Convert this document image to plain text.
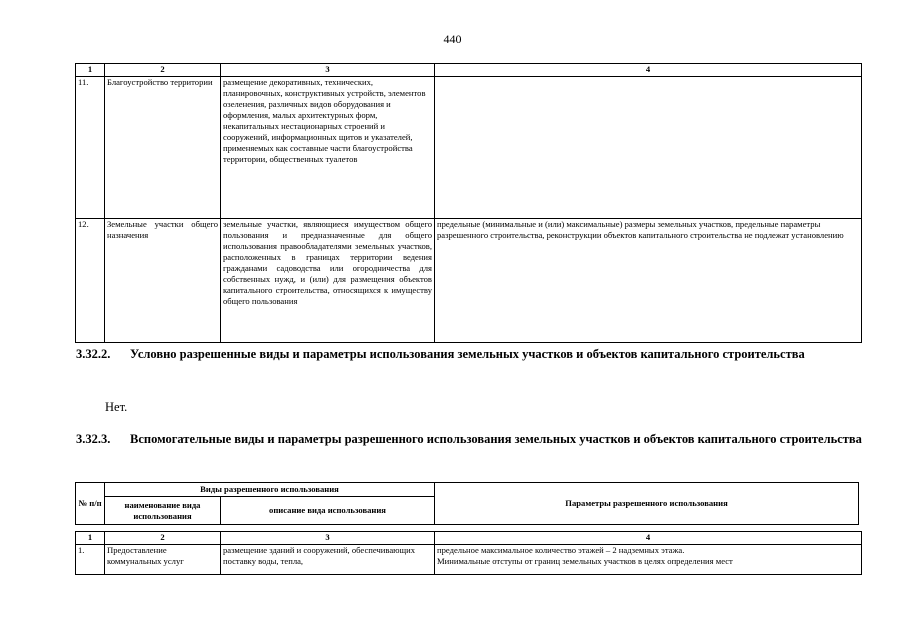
440
1	2	3	4
11.	Благоустройство территории	размещение декоративных, технических, планировочных, конструктивных устройств, элементов озеленения, различных видов оборудования и оформления, малых архитектурных форм, некапитальных нестационарных строений и сооружений, информационных щитов и указателей, применяемых как составные части благоустройства территории, общественных туалетов	
12.	Земельные участки общего назначения	земельные участки, являющиеся имуществом общего пользования и предназначенные для общего использования правообладателями земельных участков, расположенных в границах территории ведения гражданами садоводства или огородничества для собственных нужд, и (или) для размещения объектов капитального строительства, относящихся к имуществу общего пользования	предельные (минимальные и (или) максимальные) размеры земельных участков, предельные параметры разрешенного строительства, реконструкции объектов капитального строительства не подлежат установлению
3.32.2. Условно разрешенные виды и параметры использования земельных участков и объектов капитального строительства
Нет.
3.32.3. Вспомогательные виды и параметры разрешенного использования земельных участков и объектов капитального строительства
№ п/п	Виды разрешенного использования		Параметры разрешенного использования
	наименование вида использования	описание вида использования	
1	2	3	4
1.	Предоставление коммунальных услуг	размещение зданий и сооружений, обеспечивающих поставку воды, тепла,	предельное максимальное количество этажей – 2 надземных этажа.
Минимальные отступы от границ земельных участков в целях определения мест
